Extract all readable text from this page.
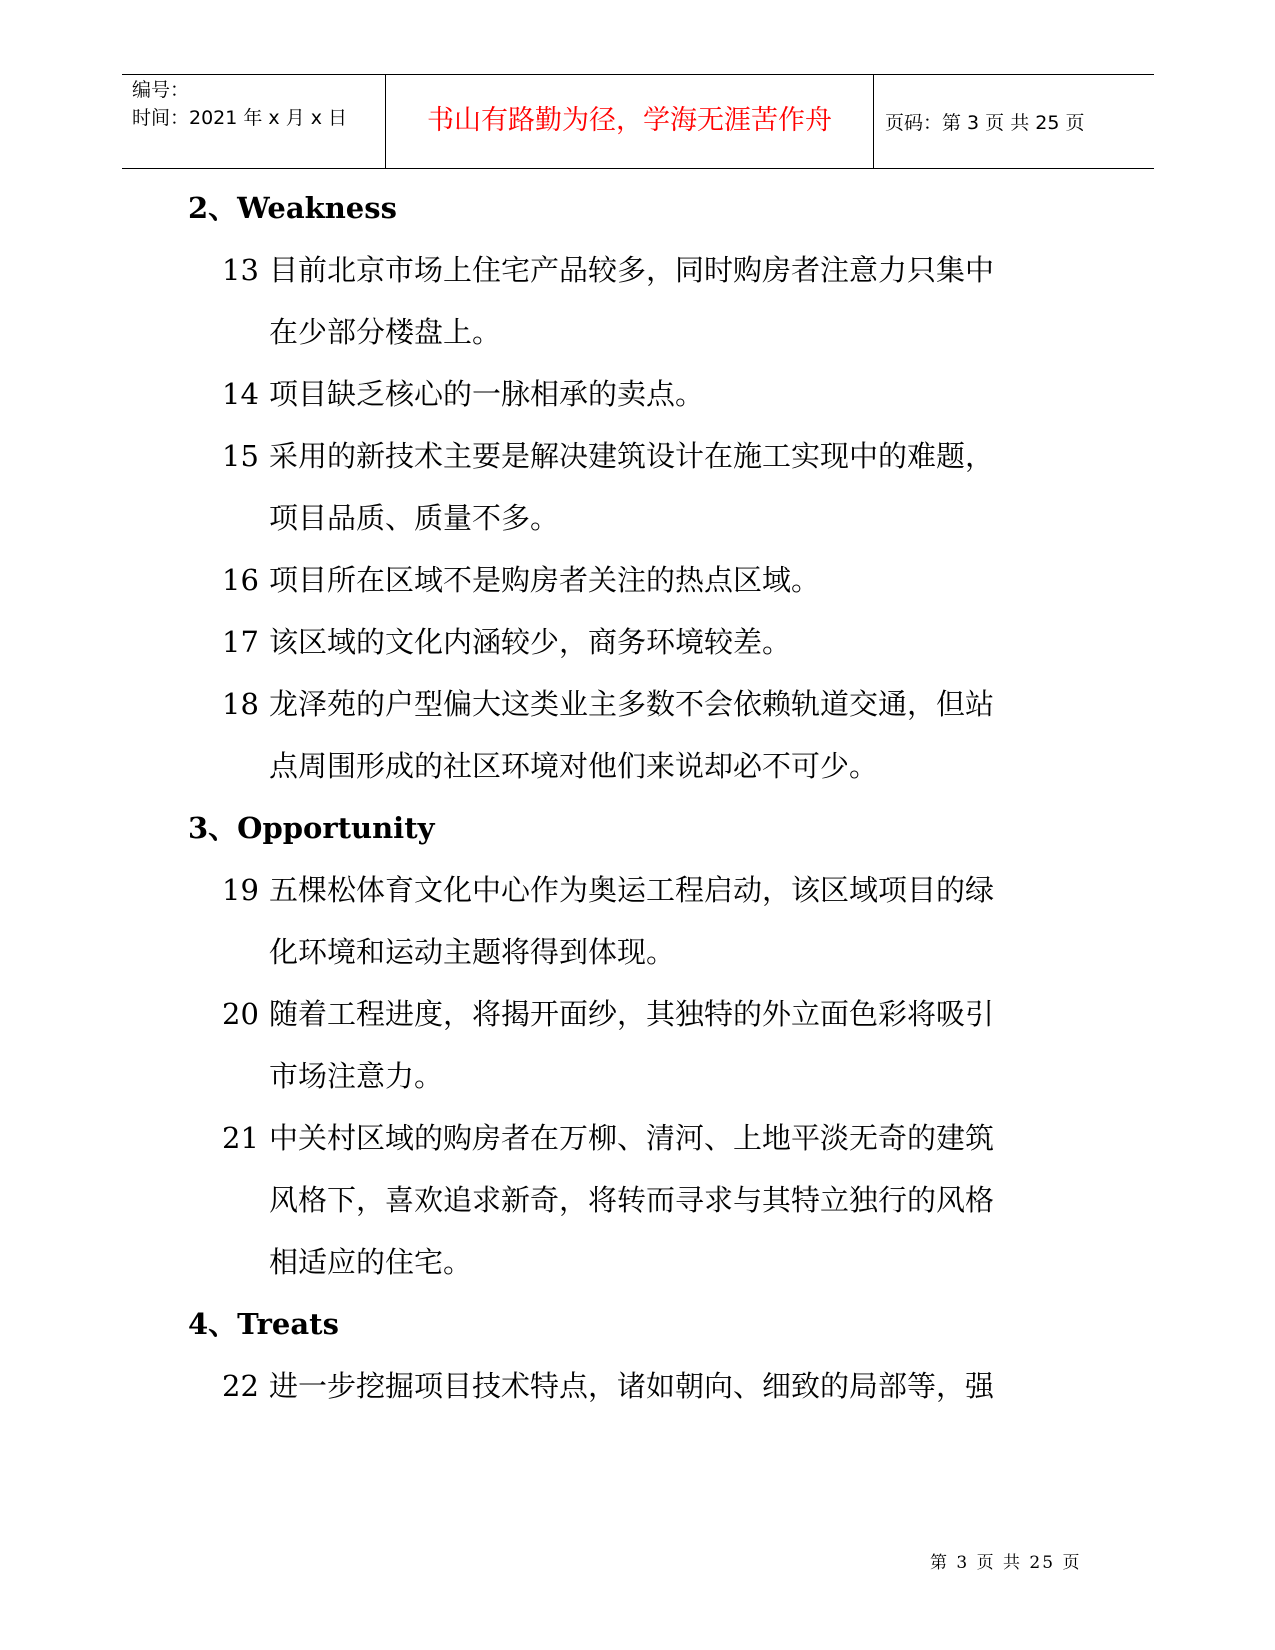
编号：
时间：2021 年 x 月 x 日	书山有路勤为径，学海无涯苦作舟	页码：第 3 页 共 25 页
2、Weakness
13 目前北京市场上住宅产品较多，同时购房者注意力只集中
在少部分楼盘上。
14 项目缺乏核心的一脉相承的卖点。
15 采用的新技术主要是解决建筑设计在施工实现中的难题，
项目品质、质量不多。
16 项目所在区域不是购房者关注的热点区域。
17 该区域的文化内涵较少，商务环境较差。
18 龙泽苑的户型偏大这类业主多数不会依赖轨道交通，但站
点周围形成的社区环境对他们来说却必不可少。
3、Opportunity
19 五棵松体育文化中心作为奥运工程启动，该区域项目的绿
化环境和运动主题将得到体现。
20 随着工程进度，将揭开面纱，其独特的外立面色彩将吸引
市场注意力。
21 中关村区域的购房者在万柳、清河、上地平淡无奇的建筑
风格下，喜欢追求新奇，将转而寻求与其特立独行的风格
相适应的住宅。
4、Treats
22 进一步挖掘项目技术特点，诸如朝向、细致的局部等，强
第 3 页 共 25 页
